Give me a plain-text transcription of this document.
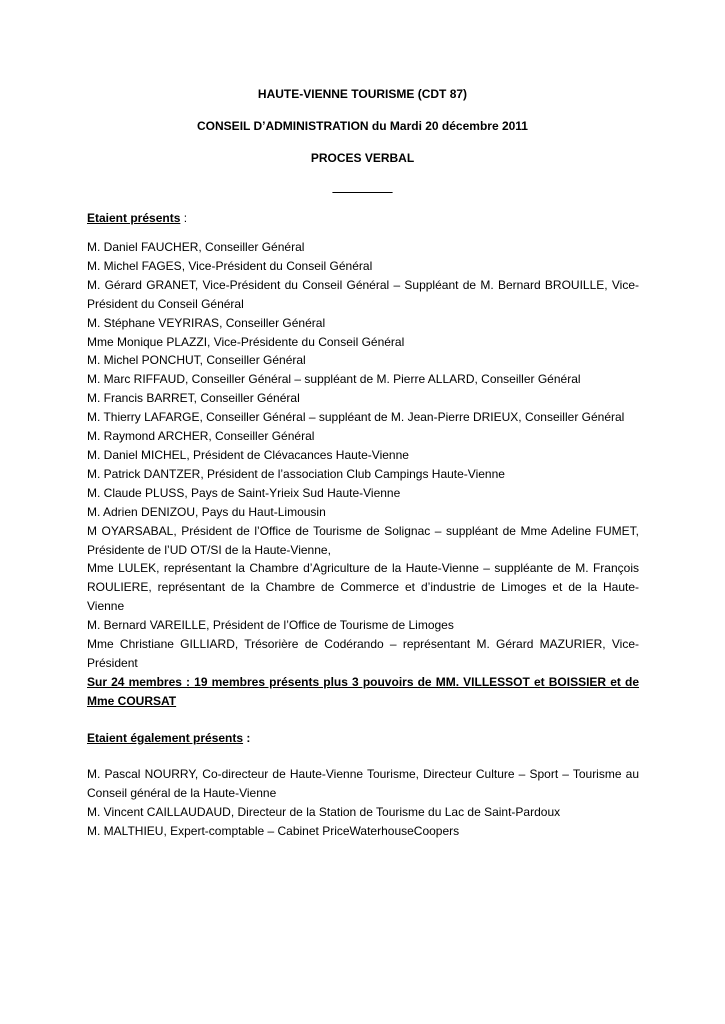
HAUTE-VIENNE TOURISME (CDT 87)
CONSEIL D’ADMINISTRATION du Mardi 20 décembre 2011
PROCES VERBAL
_________
Etaient présents :

M. Daniel FAUCHER, Conseiller Général

M. Michel FAGES, Vice-Président du Conseil Général

M. Gérard GRANET, Vice-Président du Conseil Général – Suppléant de M. Bernard BROUILLE, Vice-Président du Conseil Général

M. Stéphane VEYRIRAS, Conseiller Général

Mme Monique PLAZZI, Vice-Présidente du Conseil Général

M. Michel PONCHUT, Conseiller Général

M. Marc RIFFAUD, Conseiller Général – suppléant de M. Pierre ALLARD, Conseiller Général

M. Francis BARRET, Conseiller Général

M. Thierry LAFARGE, Conseiller Général – suppléant de M. Jean-Pierre DRIEUX, Conseiller Général

M. Raymond ARCHER, Conseiller Général

M. Daniel MICHEL, Président de Clévacances Haute-Vienne

M. Patrick DANTZER, Président de l’association Club Campings Haute-Vienne

M. Claude PLUSS, Pays de Saint-Yrieix Sud Haute-Vienne

M. Adrien DENIZOU, Pays du Haut-Limousin

M OYARSABAL, Président de l’Office de Tourisme de Solignac – suppléant de Mme Adeline FUMET, Présidente de l’UD OT/SI de la Haute-Vienne,

Mme LULEK, représentant la Chambre d’Agriculture de la Haute-Vienne – suppléante de M. François ROULIERE, représentant de la Chambre de Commerce et d’industrie de Limoges et de la Haute-Vienne

M. Bernard VAREILLE, Président de l’Office de Tourisme de Limoges

Mme Christiane GILLIARD, Trésorière de Codérando – représentant M. Gérard MAZURIER, Vice-Président

Sur 24 membres : 19 membres présents plus 3 pouvoirs de MM. VILLESSOT et BOISSIER et de Mme COURSAT

Etaient également présents :

M. Pascal NOURRY, Co-directeur de Haute-Vienne Tourisme, Directeur Culture – Sport – Tourisme au Conseil général de la Haute-Vienne

M. Vincent CAILLAUDAUD, Directeur de la Station de Tourisme du Lac de Saint-Pardoux

M. MALTHIEU, Expert-comptable – Cabinet PriceWaterhouseCoopers
